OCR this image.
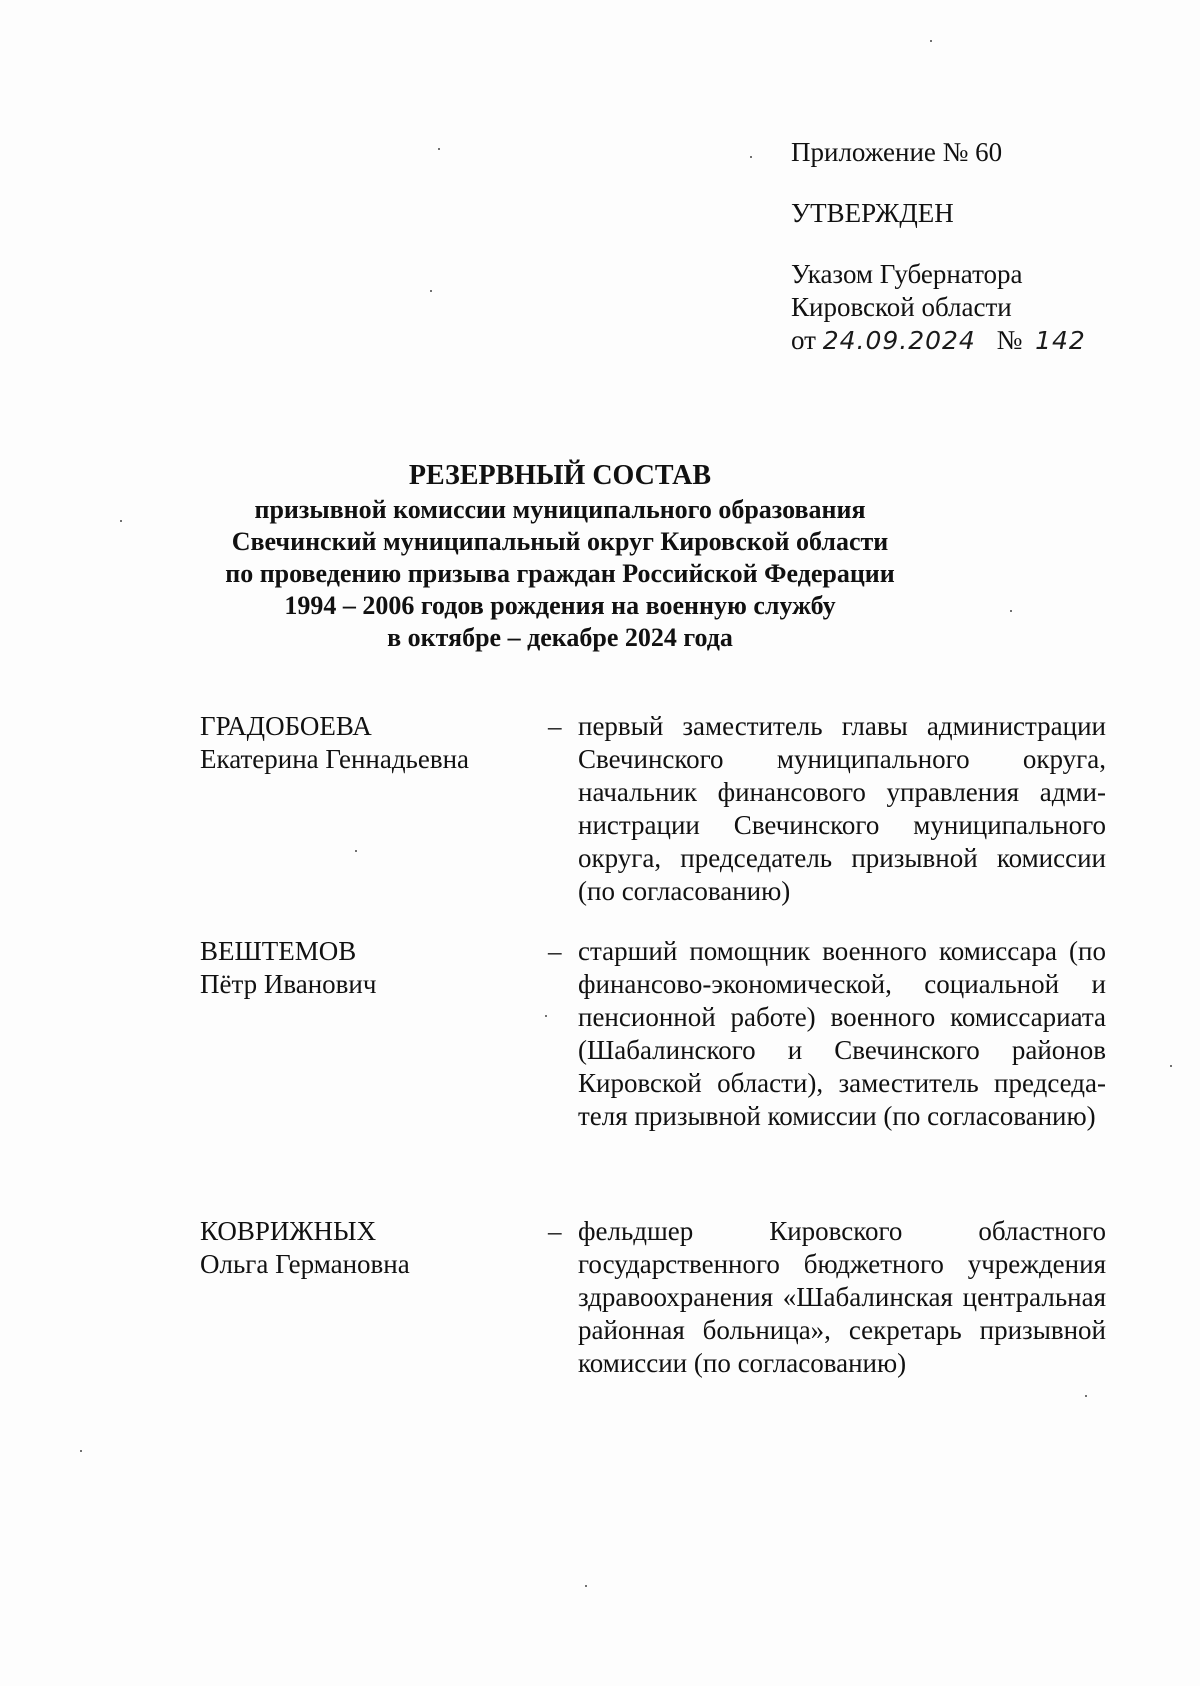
Приложение № 60
УТВЕРЖДЕН
Указом Губернатора
Кировской области
от 24.09.2024 № 142
РЕЗЕРВНЫЙ СОСТАВ
призывной комиссии муниципального образования
Свечинский муниципальный округ Кировской области
по проведению призыва граждан Российской Федерации
1994 – 2006 годов рождения на военную службу
в октябре – декабре 2024 года
ГРАДОБОЕВА
Екатерина Геннадьевна
– первый заместитель главы администрации Свечинского муниципального округа, начальник финансового управления администрации Свечинского муниципального округа, председатель призывной комиссии (по согласованию)
ВЕШТЕМОВ
Пётр Иванович
– старший помощник военного комиссара (по финансово-экономической, социальной и пенсионной работе) военного комиссариата (Шабалинского и Свечинского районов Кировской области), заместитель председателя призывной комиссии (по согласованию)
КОВРИЖНЫХ
Ольга Германовна
– фельдшер Кировского областного государственного бюджетного учреждения здравоохранения «Шабалинская центральная районная больница», секретарь призывной комиссии (по согласованию)
